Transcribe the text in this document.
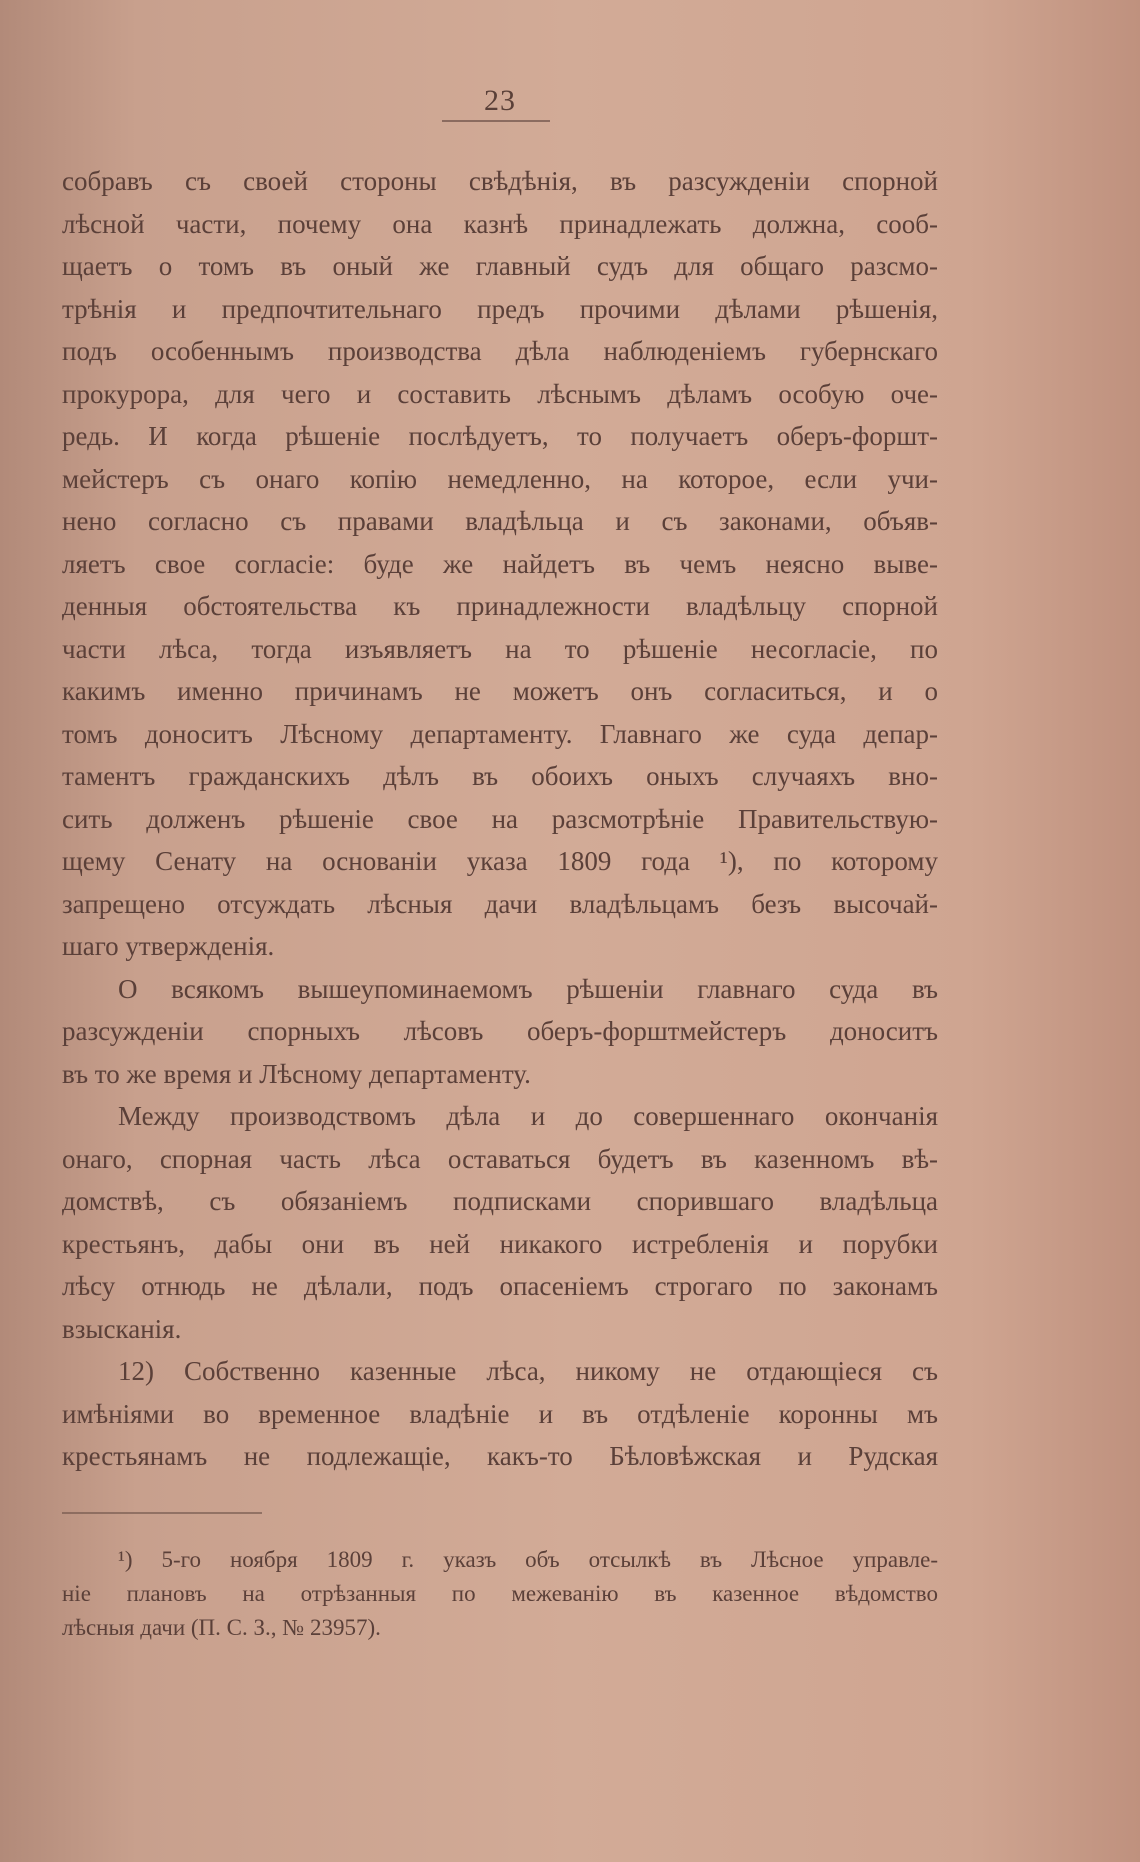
23
собравъ съ своей стороны свѣдѣнія, въ разсужденіи спорной
лѣсной части, почему она казнѣ принадлежать должна, сооб-
щаетъ о томъ въ оный же главный судъ для общаго разсмо-
трѣнія и предпочтительнаго предъ прочими дѣлами рѣшенія,
подъ особеннымъ производства дѣла наблюденіемъ губернскаго
прокурора, для чего и составить лѣснымъ дѣламъ особую оче-
редь. И когда рѣшеніе послѣдуетъ, то получаетъ оберъ-форшт-
мейстеръ съ онаго копію немедленно, на которое, если учи-
нено согласно съ правами владѣльца и съ законами, объяв-
ляетъ свое согласіе: буде же найдетъ въ чемъ неясно выве-
денныя обстоятельства къ принадлежности владѣльцу спорной
части лѣса, тогда изъявляетъ на то рѣшеніе несогласіе, по
какимъ именно причинамъ не можетъ онъ согласиться, и о
томъ доноситъ Лѣсному департаменту. Главнаго же суда депар-
таментъ гражданскихъ дѣлъ въ обоихъ оныхъ случаяхъ вно-
сить долженъ рѣшеніе свое на разсмотрѣніе Правительствую-
щему Сенату на основаніи указа 1809 года ¹), по которому
запрещено отсуждать лѣсныя дачи владѣльцамъ безъ высочай-
шаго утвержденія.
О всякомъ вышеупоминаемомъ рѣшеніи главнаго суда въ
разсужденіи спорныхъ лѣсовъ оберъ-форштмейстеръ доноситъ
въ то же время и Лѣсному департаменту.
Между производствомъ дѣла и до совершеннаго окончанія
онаго, спорная часть лѣса оставаться будетъ въ казенномъ вѣ-
домствѣ, съ обязаніемъ подписками спорившаго владѣльца
крестьянъ, дабы они въ ней никакого истребленія и порубки
лѣсу отнюдь не дѣлали, подъ опасеніемъ строгаго по законамъ
взысканія.
12) Собственно казенные лѣса, никому не отдающіеся съ
имѣніями во временное владѣніе и въ отдѣленіе коронны мъ
крестьянамъ не подлежащіе, какъ-то Бѣловѣжская и Рудская
¹) 5-го ноября 1809 г. указъ объ отсылкѣ въ Лѣсное управле-
ніе плановъ на отрѣзанныя по межеванію въ казенное вѣдомство
лѣсныя дачи (П. С. З., № 23957).
